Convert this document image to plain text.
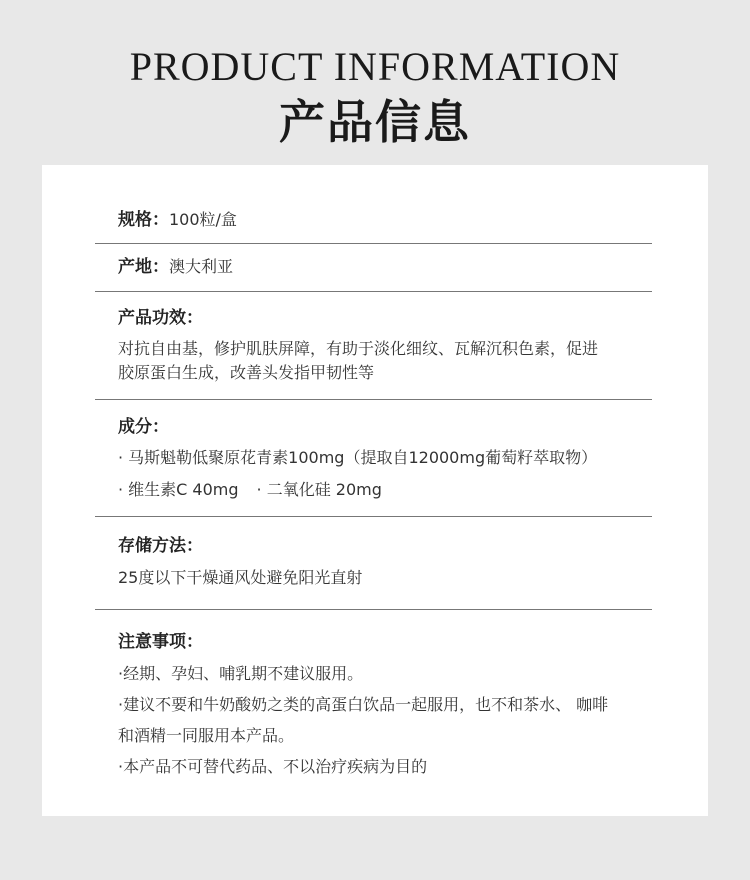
PRODUCT INFORMATION
产品信息
规格：100粒/盒
产地：澳大利亚
产品功效：
对抗自由基，修护肌肤屏障，有助于淡化细纹、瓦解沉积色素，促进
胶原蛋白生成，改善头发指甲韧性等
成分：
· 马斯魁勒低聚原花青素100mg（提取自12000mg葡萄籽萃取物）
· 维生素C 40mg · 二氧化硅 20mg
存储方法：
25度以下干燥通风处避免阳光直射
注意事项：
·经期、孕妇、哺乳期不建议服用。
·建议不要和牛奶酸奶之类的高蛋白饮品一起服用，也不和茶水、 咖啡
和酒精一同服用本产品。
·本产品不可替代药品、不以治疗疾病为目的
